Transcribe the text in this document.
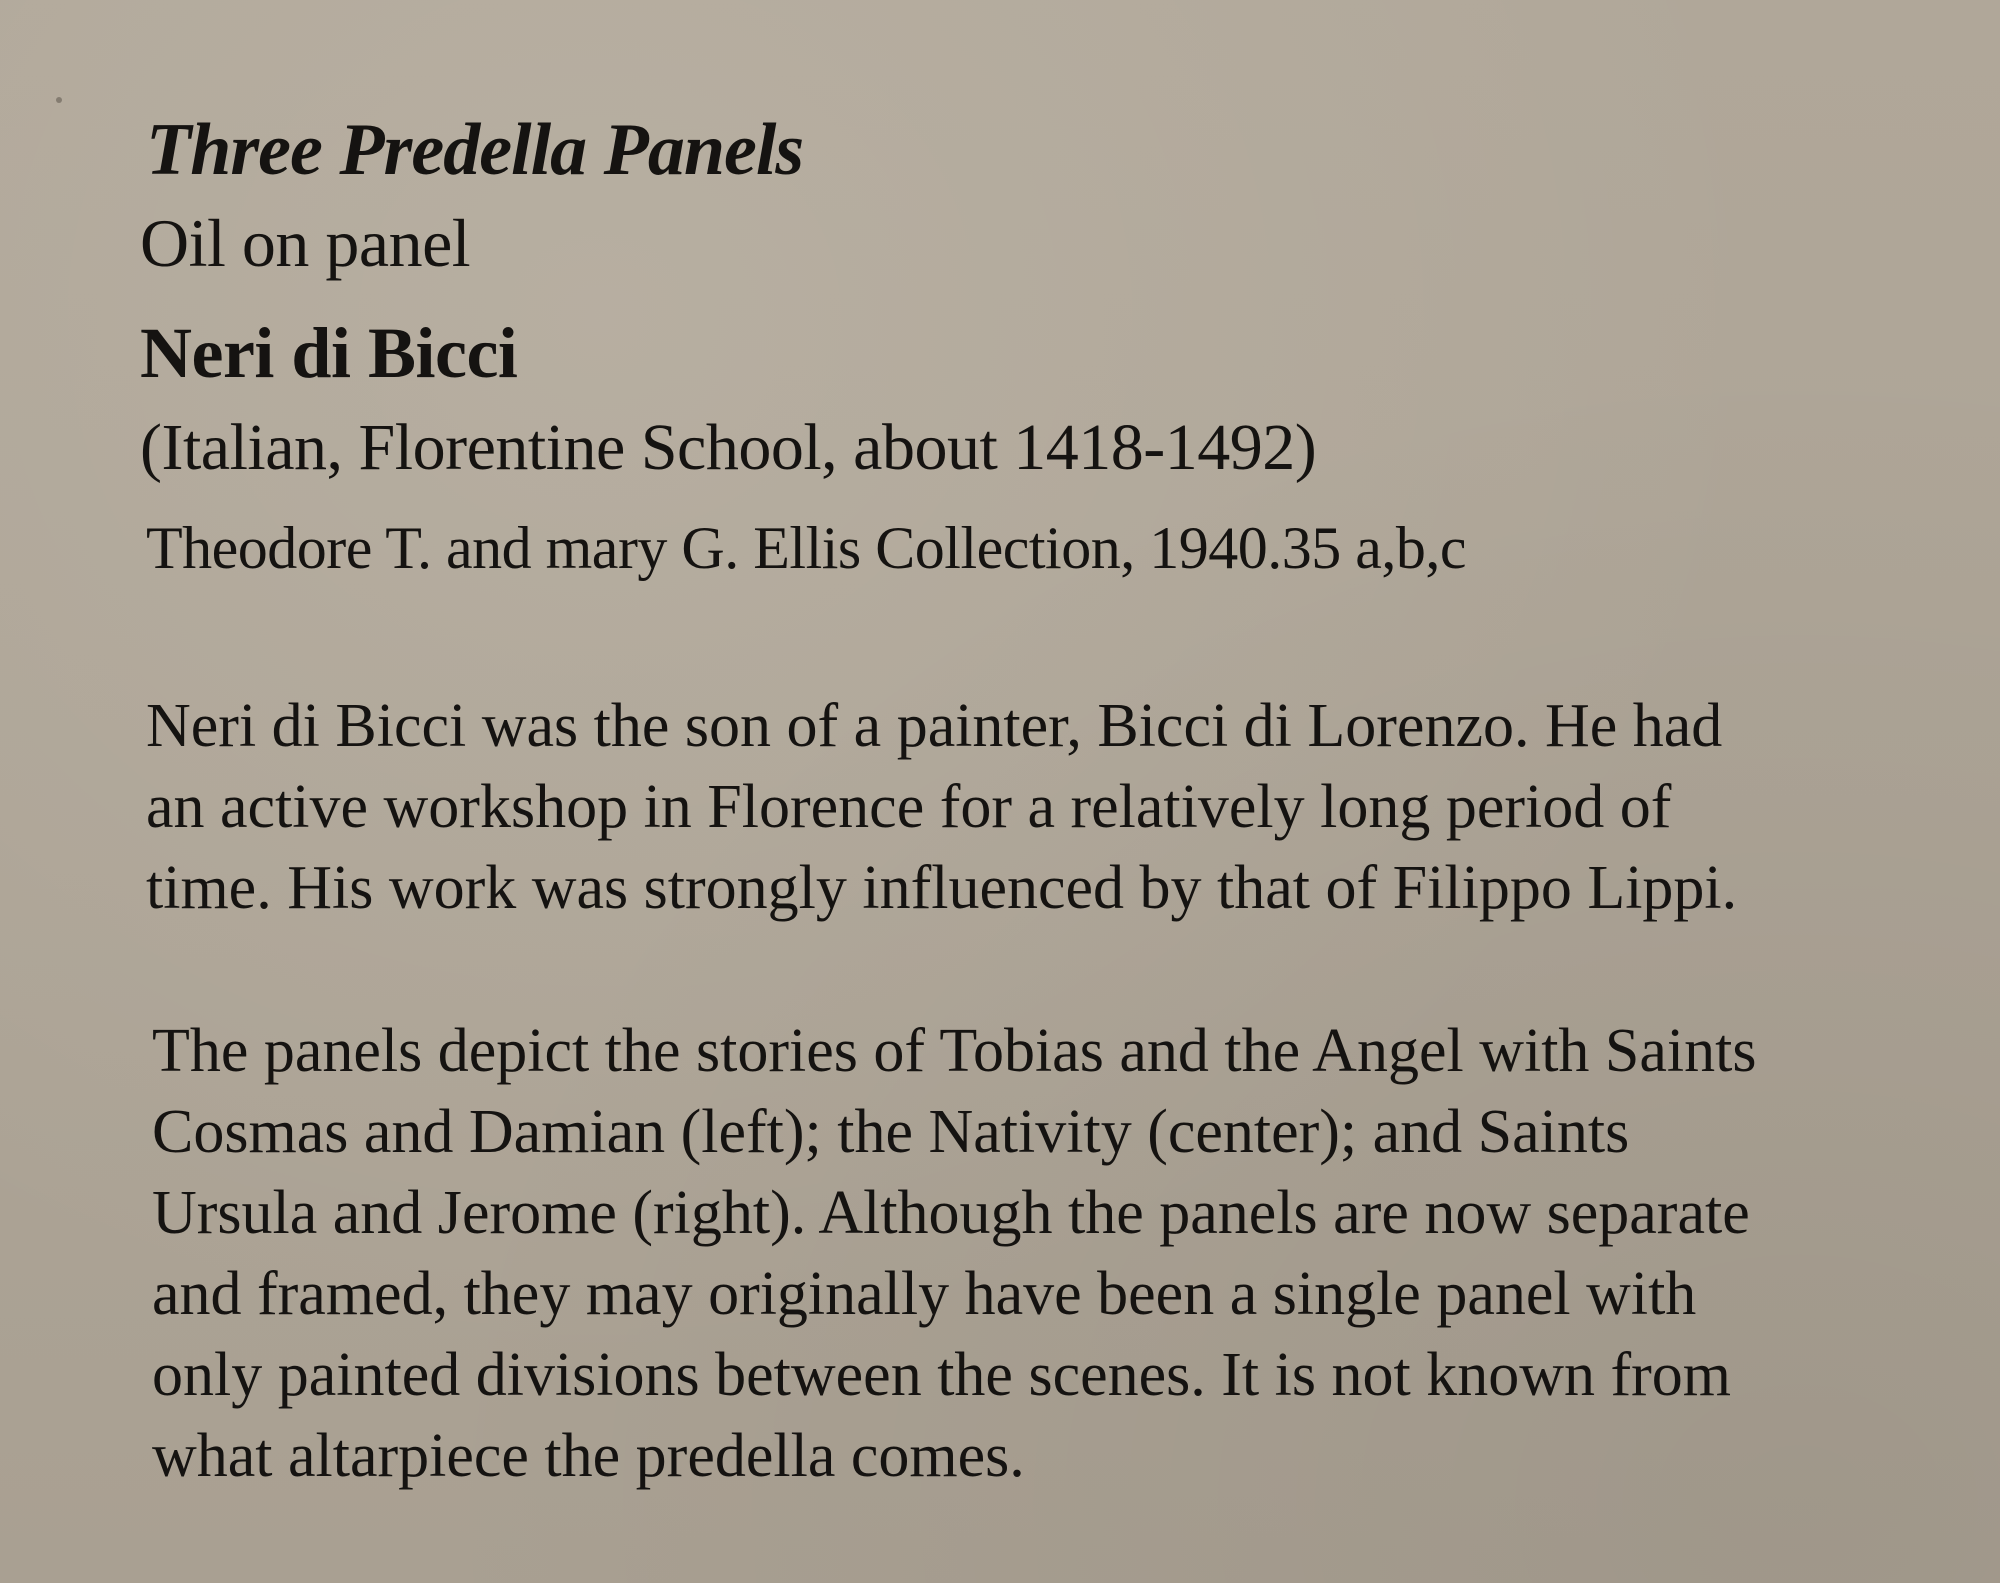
Three Predella Panels

Oil on panel

Neri di Bicci

(Italian, Florentine School, about 1418-1492)

Theodore T. and mary G. Ellis Collection, 1940.35 a,b,c

Neri di Bicci was the son of a painter, Bicci di Lorenzo. He had
an active workshop in Florence for a relatively long period of
time. His work was strongly influenced by that of Filippo Lippi.
The panels depict the stories of Tobias and the Angel with Saints
Cosmas and Damian (left); the Nativity (center); and Saints
Ursula and Jerome (right). Although the panels are now separate
and framed, they may originally have been a single panel with
only painted divisions between the scenes. It is not known from
what altarpiece the predella comes.
